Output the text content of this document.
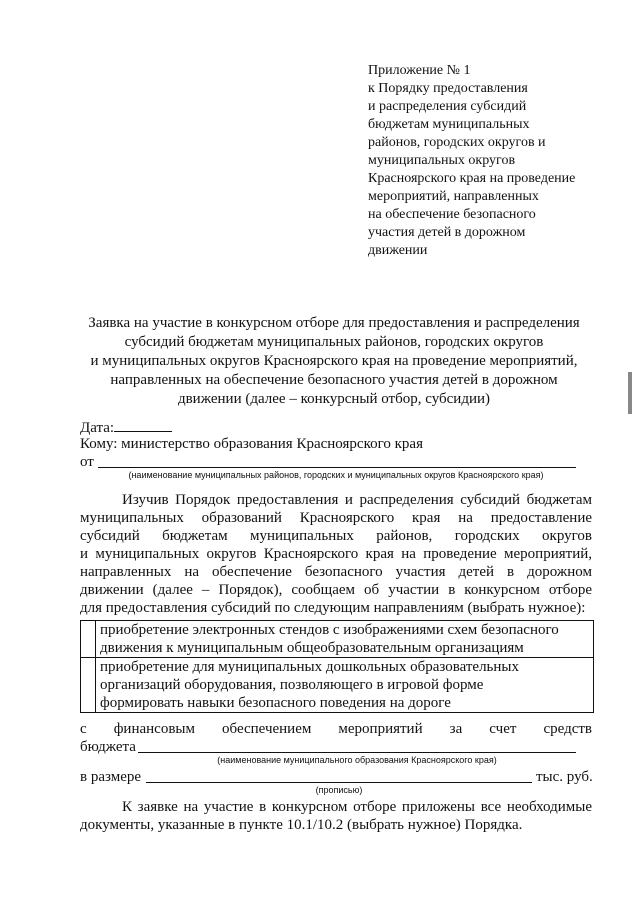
Приложение № 1
к Порядку предоставления
и распределения субсидий
бюджетам муниципальных
районов, городских округов и
муниципальных округов
Красноярского края на проведение
мероприятий, направленных
на обеспечение безопасного
участия детей в дорожном
движении
Заявка на участие в конкурсном отборе для предоставления и распределения
субсидий бюджетам муниципальных районов, городских округов
и муниципальных округов Красноярского края на проведение мероприятий,
направленных на обеспечение безопасного участия детей в дорожном
движении (далее – конкурсный отбор, субсидии)
Дата:
Кому: министерство образования Красноярского края
от
(наименование муниципальных районов, городских и муниципальных округов Красноярского края)
Изучив Порядок предоставления и распределения субсидий бюджетам
муниципальных образований Красноярского края на предоставление
субсидий бюджетам муниципальных районов, городских округов
и муниципальных округов Красноярского края на проведение мероприятий,
направленных на обеспечение безопасного участия детей в дорожном
движении (далее – Порядок), сообщаем об участии в конкурсном отборе
для предоставления субсидий по следующим направлениям (выбрать нужное):

	приобретение электронных стендов с изображениями схем безопасного
движения к муниципальным общеобразовательным организациям

	приобретение для муниципальных дошкольных образовательных
организаций оборудования, позволяющего в игровой форме
формировать навыки безопасного поведения на дороге
с финансовым обеспечением мероприятий за счет средств
бюджета
(наименование муниципального образования Красноярского края)
в размере	тыс. руб.
(прописью)
К заявке на участие в конкурсном отборе приложены все необходимые
документы, указанные в пункте 10.1/10.2 (выбрать нужное) Порядка.
